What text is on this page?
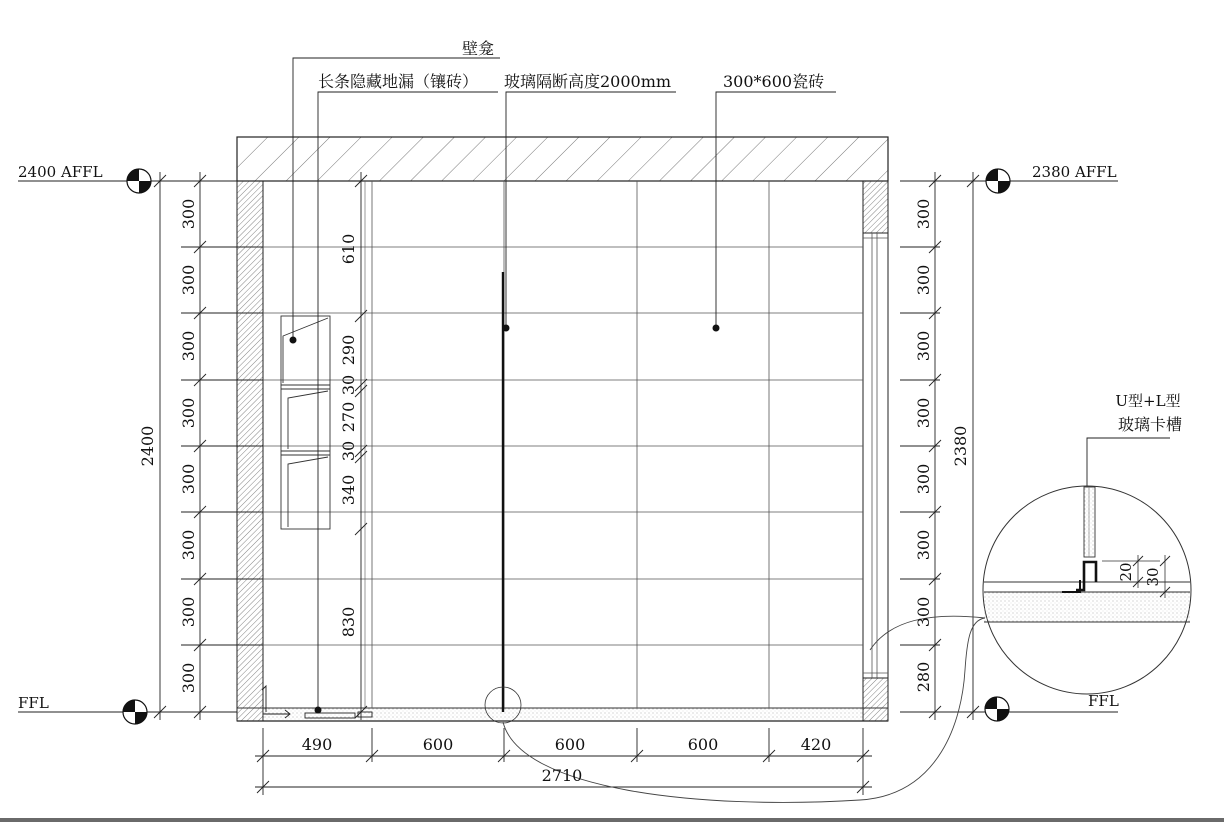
壁龛
长条隐藏地漏（镶砖） 玻璃隔断高度2000mm	300*600瓷砖
U型+L型
玻璃卡槽
2400 AFFL
FFL
2380 AFFL
FFL
2400
300
300
300
300
300
300
300
300
610
290
30
270
30
340
830
300
300
300
300
300
300
300
280
2380
490	600	600	600	420
2710
20 30
